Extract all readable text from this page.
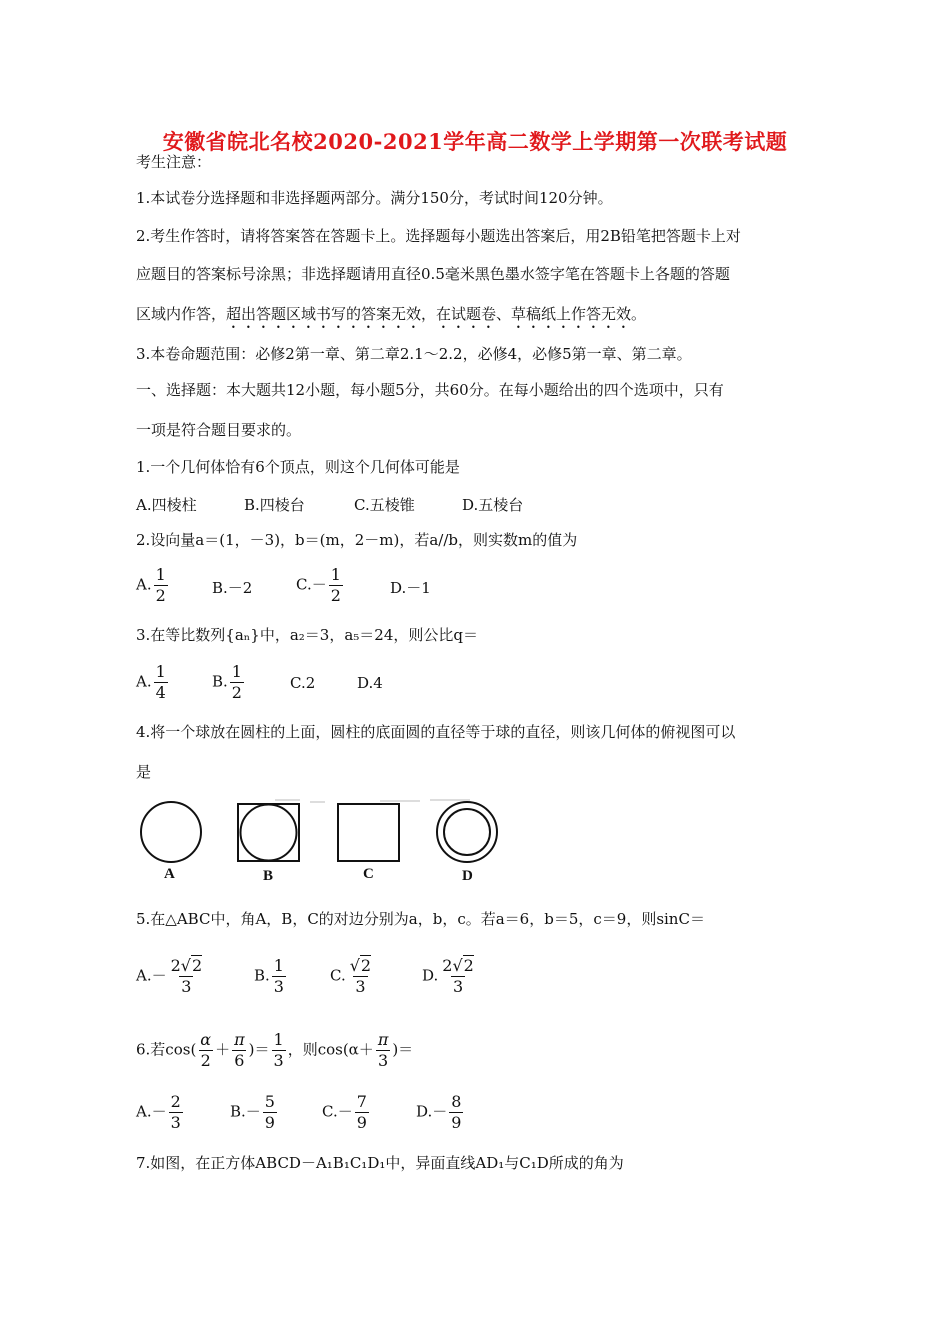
安徽省皖北名校2020-2021学年高二数学上学期第一次联考试题
考生注意：
1.本试卷分选择题和非选择题两部分。满分150分，考试时间120分钟。
2.考生作答时，请将答案答在答题卡上。选择题每小题选出答案后，用2B铅笔把答题卡上对
应题目的答案标号涂黑；非选择题请用直径0.5毫米黑色墨水签字笔在答题卡上各题的答题
区域内作答，超出答题区域书写的答案无效，在试题卷、草稿纸上作答无效。
3.本卷命题范围：必修2第一章、第二章2.1～2.2，必修4，必修5第一章、第二章。
一、选择题：本大题共12小题，每小题5分，共60分。在每小题给出的四个选项中，只有
一项是符合题目要求的。
1.一个几何体恰有6个顶点，则这个几何体可能是
A.四棱柱	B.四棱台	C.五棱锥	D.五棱台
2.设向量a＝(1，－3)，b＝(m，2－m)，若a//b，则实数m的值为
A. $\frac{1}{2}$	B.－2	$C.- \frac{1}{2}$	D.－1
3.在等比数列{aₙ}中，a₂＝3，a₅＝24，则公比q＝
A. $\frac{1}{4}$	B. $\frac{1}{2}$	C.2	D.4
4.将一个球放在圆柱的上面，圆柱的底面圆的直径等于球的直径，则该几何体的俯视图可以
是
A	B	C	D
5.在△ABC中，角A，B，C的对边分别为a，b，c。若a＝6，b＝5，c＝9，则sinC＝
$A.- \frac{2√2}{3}$	B. $\frac{1}{3}$	C. $\frac{√2}{3}$	D. $\frac{2√2}{3}$
6.若$\cos( \frac{\alpha}{2} + \frac{\pi}{6}$ )＝ $\frac{1}{3}$ ，则$\cos(\alpha+ \frac{\pi}{3}$ )＝
$A.- \frac{2}{3}$	$B.- \frac{5}{9}$	$C.- \frac{7}{9}$	$D.- \frac{8}{9}$
7.如图，在正方体ABCD－A₁B₁C₁D₁中，异面直线AD₁与C₁D所成的角为
